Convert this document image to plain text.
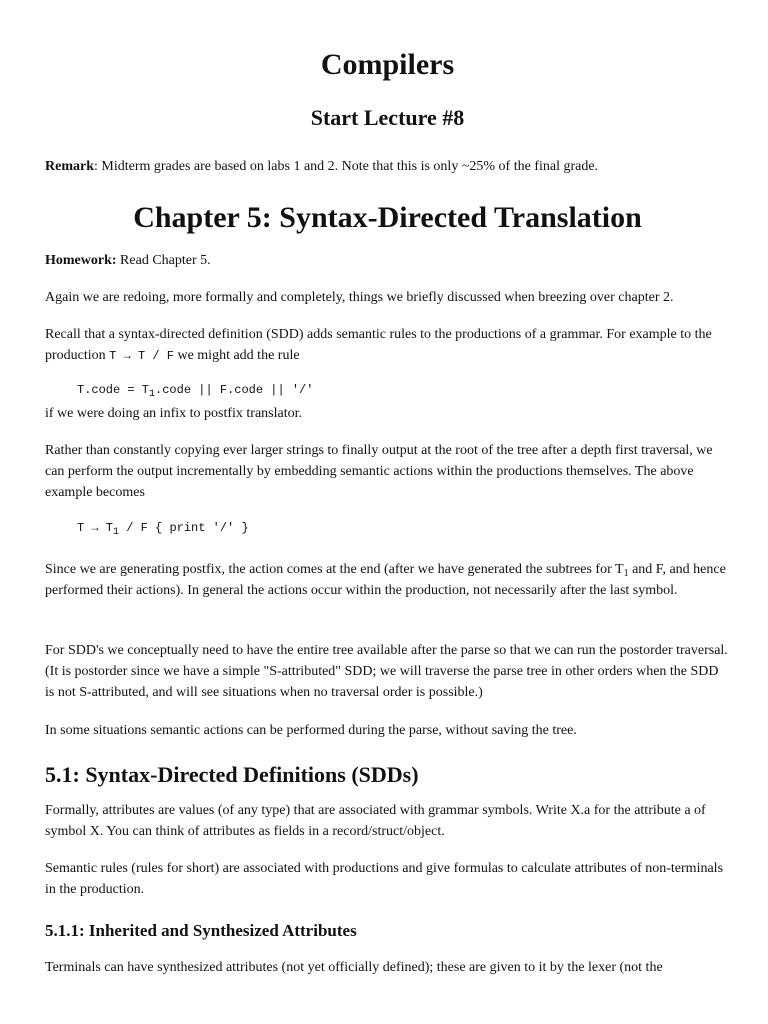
Compilers
Start Lecture #8

Remark: Midterm grades are based on labs 1 and 2. Note that this is only ~25% of the final grade.

Chapter 5: Syntax-Directed Translation

Homework: Read Chapter 5.

Again we are redoing, more formally and completely, things we briefly discussed when breezing over chapter 2.

Recall that a syntax-directed definition (SDD) adds semantic rules to the productions of a grammar. For example to the production T → T / F we might add the rule

T.code = $T_1.code$ || F.code || '/'

if we were doing an infix to postfix translator.

Rather than constantly copying ever larger strings to finally output at the root of the tree after a depth first traversal, we can perform the output incrementally by embedding semantic actions within the productions themselves. The above example becomes

$T \to T_1 / F$ { print '/' }

Since we are generating postfix, the action comes at the end (after we have generated the subtrees for $T_1$ and F, and hence performed their actions). In general the actions occur within the production, not necessarily after the last symbol.

For SDD's we conceptually need to have the entire tree available after the parse so that we can run the postorder traversal. (It is postorder since we have a simple "S-attributed" SDD; we will traverse the parse tree in other orders when the SDD is not S-attributed, and will see situations when no traversal order is possible.)

In some situations semantic actions can be performed during the parse, without saving the tree.

5.1: Syntax-Directed Definitions (SDDs)

Formally, attributes are values (of any type) that are associated with grammar symbols. Write X.a for the attribute a of symbol X. You can think of attributes as fields in a record/struct/object.

Semantic rules (rules for short) are associated with productions and give formulas to calculate attributes of non-terminals in the production.

5.1.1: Inherited and Synthesized Attributes

Terminals can have synthesized attributes (not yet officially defined); these are given to it by the lexer (not the
